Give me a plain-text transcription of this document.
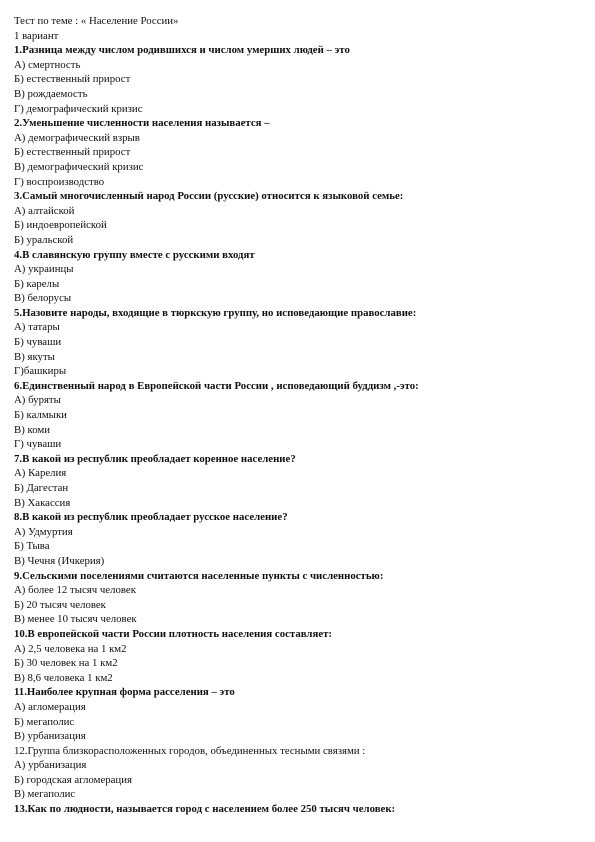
Тест по теме : « Население России»
1 вариант
1.Разница между числом родившихся и числом умерших людей – это
А) смертность
Б) естественный прирост
В) рождаемость
Г) демографический кризис
2.Уменьшение численности населения называется –
А) демографический взрыв
Б) естественный прирост
В) демографический кризис
Г) воспроизводство
3.Самый многочисленный народ России (русские) относится к языковой семье:
А) алтайской
Б) индоевропейской
Б) уральской
4.В славянскую группу вместе с русскими входят
А) украинцы
Б) карелы
В) белорусы
5.Назовите народы, входящие в тюркскую группу, но исповедающие православие:
А) татары
Б) чуваши
В) якуты
Г)башкиры
6.Единственный народ в Европейской части России , исповедающий буддизм ,-это:
А) буряты
Б) калмыки
В) коми
Г) чуваши
7.В какой из республик преобладает коренное население?
А) Карелия
Б) Дагестан
В) Хакассия
8.В какой из республик преобладает русское население?
А) Удмуртия
Б) Тыва
В) Чечня (Ичкерия)
9.Сельскими поселениями считаются населенные пункты с численностью:
А) более 12 тысяч человек
Б) 20 тысяч человек
В) менее 10 тысяч человек
10.В европейской части России плотность населения составляет:
А) 2,5 человека на 1 км2
Б) 30 человек на 1 км2
В) 8,6 человека 1 км2
11.Наиболее крупная форма расселения – это
А) агломерация
Б) мегаполис
В) урбанизация
12.Группа близкорасположенных городов, объединенных тесными связями :
А) урбанизация
Б) городская агломерация
В) мегаполис
13.Как по людности, называется город с населением более 250 тысяч человек:
